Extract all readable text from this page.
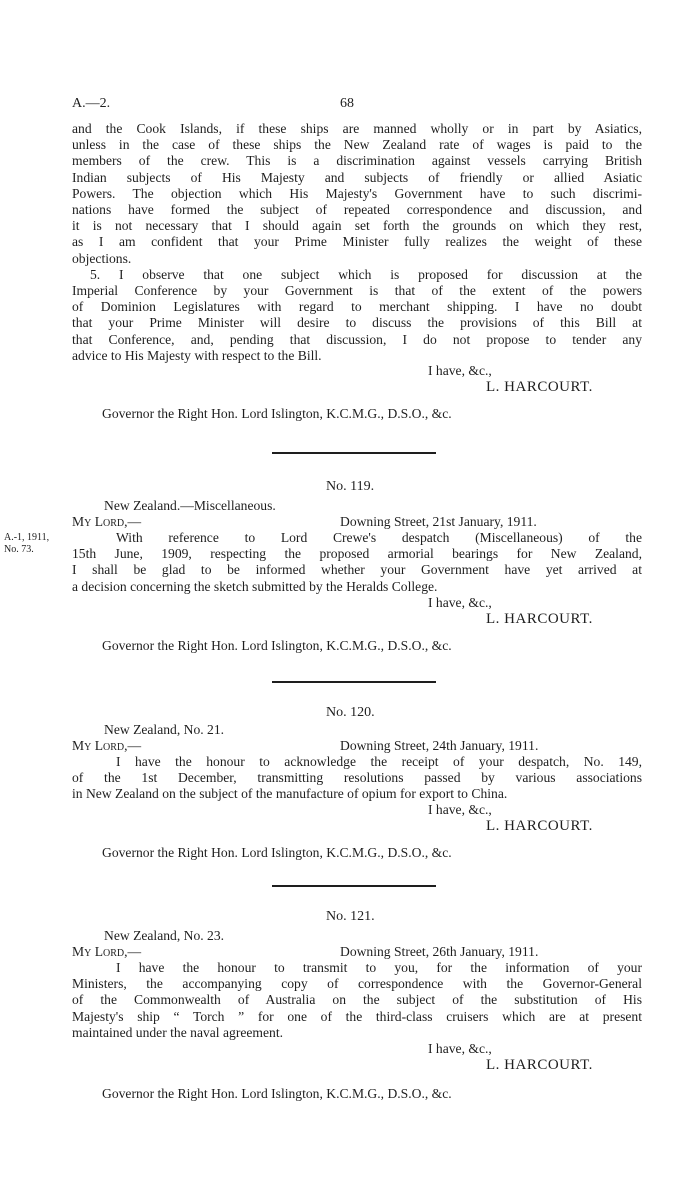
A.—2.	68
and the Cook Islands, if these ships are manned wholly or in part by Asiatics,
unless in the case of these ships the New Zealand rate of wages is paid to the
members of the crew. This is a discrimination against vessels carrying British
Indian subjects of His Majesty and subjects of friendly or allied Asiatic
Powers. The objection which His Majesty's Government have to such discrimi-
nations have formed the subject of repeated correspondence and discussion, and
it is not necessary that I should again set forth the grounds on which they rest,
as I am confident that your Prime Minister fully realizes the weight of these
objections.
5. I observe that one subject which is proposed for discussion at the
Imperial Conference by your Government is that of the extent of the powers
of Dominion Legislatures with regard to merchant shipping. I have no doubt
that your Prime Minister will desire to discuss the provisions of this Bill at
that Conference, and, pending that discussion, I do not propose to tender any
advice to His Majesty with respect to the Bill.
I have, &c.,
L. HARCOURT.
Governor the Right Hon. Lord Islington, K.C.M.G., D.S.O., &c.
No. 119.
New Zealand.—Miscellaneous.
My Lord,—	Downing Street, 21st January, 1911.
A.-1, 1911,
No. 73.
With reference to Lord Crewe's despatch (Miscellaneous) of the
15th June, 1909, respecting the proposed armorial bearings for New Zealand,
I shall be glad to be informed whether your Government have yet arrived at
a decision concerning the sketch submitted by the Heralds College.
I have, &c.,
L. HARCOURT.
Governor the Right Hon. Lord Islington, K.C.M.G., D.S.O., &c.
No. 120.
New Zealand, No. 21.
My Lord,—	Downing Street, 24th January, 1911.
I have the honour to acknowledge the receipt of your despatch, No. 149,
of the 1st December, transmitting resolutions passed by various associations
in New Zealand on the subject of the manufacture of opium for export to China.
I have, &c.,
L. HARCOURT.
Governor the Right Hon. Lord Islington, K.C.M.G., D.S.O., &c.
No. 121.
New Zealand, No. 23.
My Lord,—	Downing Street, 26th January, 1911.
I have the honour to transmit to you, for the information of your
Ministers, the accompanying copy of correspondence with the Governor-General
of the Commonwealth of Australia on the subject of the substitution of His
Majesty's ship “ Torch ” for one of the third-class cruisers which are at present
maintained under the naval agreement.
I have, &c.,
L. HARCOURT.
Governor the Right Hon. Lord Islington, K.C.M.G., D.S.O., &c.
